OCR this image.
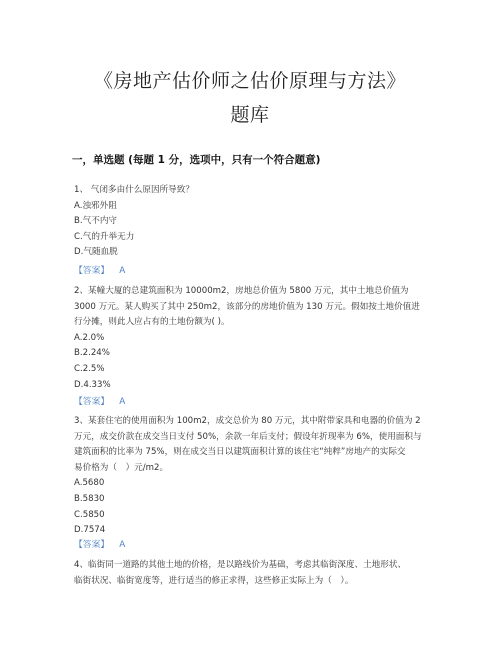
《房地产估价师之估价原理与方法》
题库
一，单选题 (每题 1 分，选项中，只有一个符合题意)
1、 气闭多由什么原因所导致？
A.浊邪外阻
B.气不内守
C.气的升举无力
D.气随血脱
【答案】 A
2、某幢大厦的总建筑面积为 10000m2，房地总价值为 5800 万元，其中土地总价值为
3000 万元。某人购买了其中 250m2，该部分的房地价值为 130 万元。假如按土地价值进
行分摊，则此人应占有的土地份额为( )。
A.2.0%
B.2.24%
C.2.5%
D.4.33%
【答案】 A
3、某套住宅的使用面积为 100m2，成交总价为 80 万元，其中附带家具和电器的价值为 2
万元，成交价款在成交当日支付 50%，余款一年后支付；假设年折现率为 6%，使用面积与
建筑面积的比率为 75%，则在成交当日以建筑面积计算的该住宅“纯粹”房地产的实际交
易价格为（　）元/m2。
A.5680
B.5830
C.5850
D.7574
【答案】 A
4、临街同一道路的其他土地的价格，是以路线价为基础，考虑其临街深度、土地形状、
临街状况、临街宽度等，进行适当的修正求得，这些修正实际上为（　）。
